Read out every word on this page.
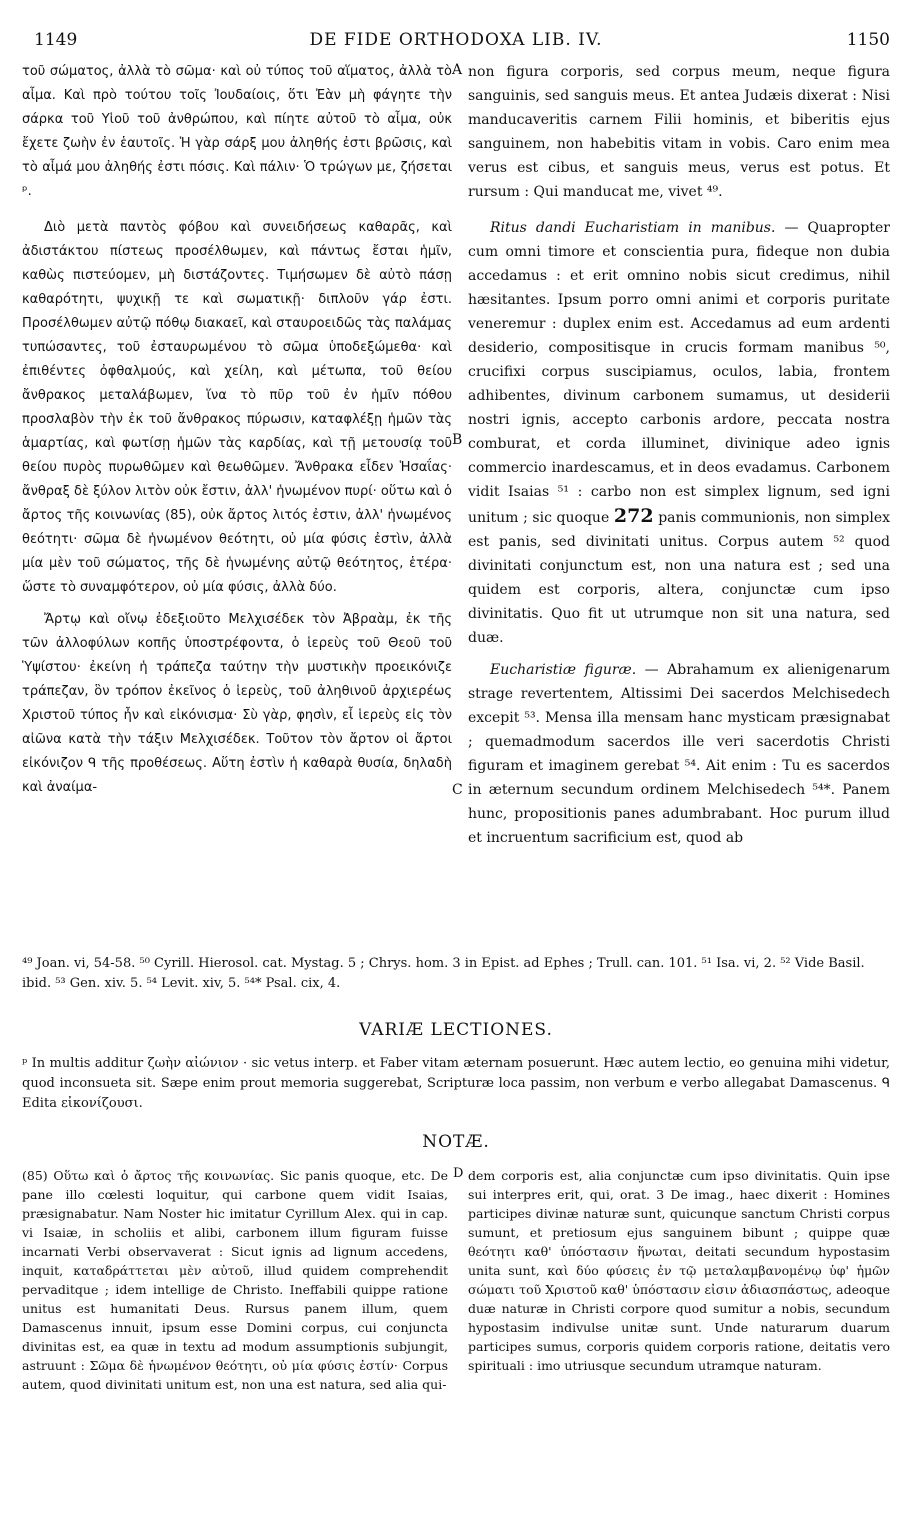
1149	DE FIDE ORTHODOXA LIB. IV.	1150

τοῦ σώματος, ἀλλὰ τὸ σῶμα· καὶ οὐ τύπος τοῦ αἵματος, ἀλλὰ τὸ αἷμα. Καὶ πρὸ τούτου τοῖς Ἰουδαίοις, ὅτι Ἐὰν μὴ φάγητε τὴν σάρκα τοῦ Υἱοῦ τοῦ ἀνθρώπου, καὶ πίητε αὐτοῦ τὸ αἷμα, οὐκ ἔχετε ζωὴν ἐν ἑαυτοῖς. Ἡ γὰρ σάρξ μου ἀληθής ἐστι βρῶσις, καὶ τὸ αἷμά μου ἀληθής ἐστι πόσις. Καὶ πάλιν· Ὁ τρώγων με, ζήσεται ᵖ.

Διὸ μετὰ παντὸς φόβου καὶ συνειδήσεως καθαρᾶς, καὶ ἀδιστάκτου πίστεως προσέλθωμεν, καὶ πάντως ἔσται ἡμῖν, καθὼς πιστεύομεν, μὴ διστάζοντες. Τιμήσωμεν δὲ αὐτὸ πάσῃ καθαρότητι, ψυχικῇ τε καὶ σωματικῇ· διπλοῦν γάρ ἐστι. Προσέλθωμεν αὐτῷ πόθῳ διακαεῖ, καὶ σταυροειδῶς τὰς παλάμας τυπώσαντες, τοῦ ἐσταυρωμένου τὸ σῶμα ὑποδεξώμεθα· καὶ ἐπιθέντες ὀφθαλμούς, καὶ χείλη, καὶ μέτωπα, τοῦ θείου ἄνθρακος μεταλάβωμεν, ἵνα τὸ πῦρ τοῦ ἐν ἡμῖν πόθου προσλαβὸν τὴν ἐκ τοῦ ἄνθρακος πύρωσιν, καταφλέξῃ ἡμῶν τὰς ἁμαρτίας, καὶ φωτίσῃ ἡμῶν τὰς καρδίας, καὶ τῇ μετουσίᾳ τοῦ θείου πυρὸς πυρωθῶμεν καὶ θεωθῶμεν. Ἄνθρακα εἶδεν Ἡσαΐας· ἄνθραξ δὲ ξύλον λιτὸν οὐκ ἔστιν, ἀλλ' ἡνωμένον πυρί· οὕτω καὶ ὁ ἄρτος τῆς κοινωνίας (85), οὐκ ἄρτος λιτός ἐστιν, ἀλλ' ἡνωμένος θεότητι· σῶμα δὲ ἡνωμένον θεότητι, οὐ μία φύσις ἐστὶν, ἀλλὰ μία μὲν τοῦ σώματος, τῆς δὲ ἡνωμένης αὐτῷ θεότητος, ἑτέρα· ὥστε τὸ συναμφότερον, οὐ μία φύσις, ἀλλὰ δύο.

Ἄρτῳ καὶ οἴνῳ ἐδεξιοῦτο Μελχισέδεκ τὸν Ἀβραὰμ, ἐκ τῆς τῶν ἀλλοφύλων κοπῆς ὑποστρέφοντα, ὁ ἱερεὺς τοῦ Θεοῦ τοῦ Ὑψίστου· ἐκείνη ἡ τράπεζα ταύτην τὴν μυστικὴν προεικόνιζε τράπεζαν, ὃν τρόπον ἐκεῖνος ὁ ἱερεὺς, τοῦ ἀληθινοῦ ἀρχιερέως Χριστοῦ τύπος ἦν καὶ εἰκόνισμα· Σὺ γὰρ, φησὶν, εἶ ἱερεὺς εἰς τὸν αἰῶνα κατὰ τὴν τάξιν Μελχισέδεκ. Τοῦτον τὸν ἄρτον οἱ ἄρτοι εἰκόνιζον ᑫ τῆς προθέσεως. Αὕτη ἐστὶν ἡ καθαρὰ θυσία, δηλαδὴ καὶ ἀναίμα-

A
B
C

non figura corporis, sed corpus meum, neque figura sanguinis, sed sanguis meus. Et antea Judæis dixerat : Nisi manducaveritis carnem Filii hominis, et biberitis ejus sanguinem, non habebitis vitam in vobis. Caro enim mea verus est cibus, et sanguis meus, verus est potus. Et rursum : Qui manducat me, vivet ⁴⁹.

Ritus dandi Eucharistiam in manibus. — Quapropter cum omni timore et conscientia pura, fideque non dubia accedamus : et erit omnino nobis sicut credimus, nihil hæsitantes. Ipsum porro omni animi et corporis puritate veneremur : duplex enim est. Accedamus ad eum ardenti desiderio, compositisque in crucis formam manibus ⁵⁰, crucifixi corpus suscipiamus, oculos, labia, frontem adhibentes, divinum carbonem sumamus, ut desiderii nostri ignis, accepto carbonis ardore, peccata nostra comburat, et corda illuminet, divinique adeo ignis commercio inardescamus, et in deos evadamus. Carbonem vidit Isaias ⁵¹ : carbo non est simplex lignum, sed igni unitum ; sic quoque 272 panis communionis, non simplex est panis, sed divinitati unitus. Corpus autem ⁵² quod divinitati conjunctum est, non una natura est ; sed una quidem est corporis, altera, conjunctæ cum ipso divinitatis. Quo fit ut utrumque non sit una natura, sed duæ.

Eucharistiæ figuræ. — Abrahamum ex alienigenarum strage revertentem, Altissimi Dei sacerdos Melchisedech excepit ⁵³. Mensa illa mensam hanc mysticam præsignabat ; quemadmodum sacerdos ille veri sacerdotis Christi figuram et imaginem gerebat ⁵⁴. Ait enim : Tu es sacerdos in æternum secundum ordinem Melchisedech ⁵⁴*. Panem hunc, propositionis panes adumbrabant. Hoc purum illud et incruentum sacrificium est, quod ab

⁴⁹ Joan. vi, 54-58. ⁵⁰ Cyrill. Hierosol. cat. Mystag. 5 ; Chrys. hom. 3 in Epist. ad Ephes ; Trull. can. 101. ⁵¹ Isa. vi, 2. ⁵² Vide Basil. ibid. ⁵³ Gen. xiv. 5. ⁵⁴ Levit. xiv, 5. ⁵⁴* Psal. cix, 4.
VARIÆ LECTIONES.
ᵖ In multis additur ζωὴν αἰώνιον · sic vetus interp. et Faber vitam æternam posuerunt. Hæc autem lectio, eo genuina mihi videtur, quod inconsueta sit. Sæpe enim prout memoria suggerebat, Scripturæ loca passim, non verbum e verbo allegabat Damascenus. ᑫ Edita εἰκονίζουσι.
NOTÆ.

(85) Οὕτω καὶ ὁ ἄρτος τῆς κοινωνίας. Sic panis quoque, etc. De pane illo cœlesti loquitur, qui carbone quem vidit Isaias, præsignabatur. Nam Noster hic imitatur Cyrillum Alex. qui in cap. vi Isaiæ, in scholiis et alibi, carbonem illum figuram fuisse incarnati Verbi observaverat : Sicut ignis ad lignum accedens, inquit, καταδράττεται μὲν αὐτοῦ, illud quidem comprehendit pervaditque ; idem intellige de Christo. Ineffabili quippe ratione unitus est humanitati Deus. Rursus panem illum, quem Damascenus innuit, ipsum esse Domini corpus, cui conjuncta divinitas est, ea quæ in textu ad modum assumptionis subjungit, astruunt : Σῶμα δὲ ἡνωμένον θεότητι, οὐ μία φύσις ἐστίν· Corpus autem, quod divinitati unitum est, non una est natura, sed alia qui-

D dem corporis est, alia conjunctæ cum ipso divinitatis. Quin ipse sui interpres erit, qui, orat. 3 De imag., haec dixerit : Homines participes divinæ naturæ sunt, quicunque sanctum Christi corpus sumunt, et pretiosum ejus sanguinem bibunt ; quippe quæ θεότητι καθ' ὑπόστασιν ἥνωται, deitati secundum hypostasim unita sunt, καὶ δύο φύσεις ἐν τῷ μεταλαμβανομένῳ ὑφ' ἡμῶν σώματι τοῦ Χριστοῦ καθ' ὑπόστασιν εἰσιν ἀδιασπάστως, adeoque duæ naturæ in Christi corpore quod sumitur a nobis, secundum hypostasim indivulse unitæ sunt. Unde naturarum duarum participes sumus, corporis quidem corporis ratione, deitatis vero spirituali : imo utriusque secundum utramque naturam.
